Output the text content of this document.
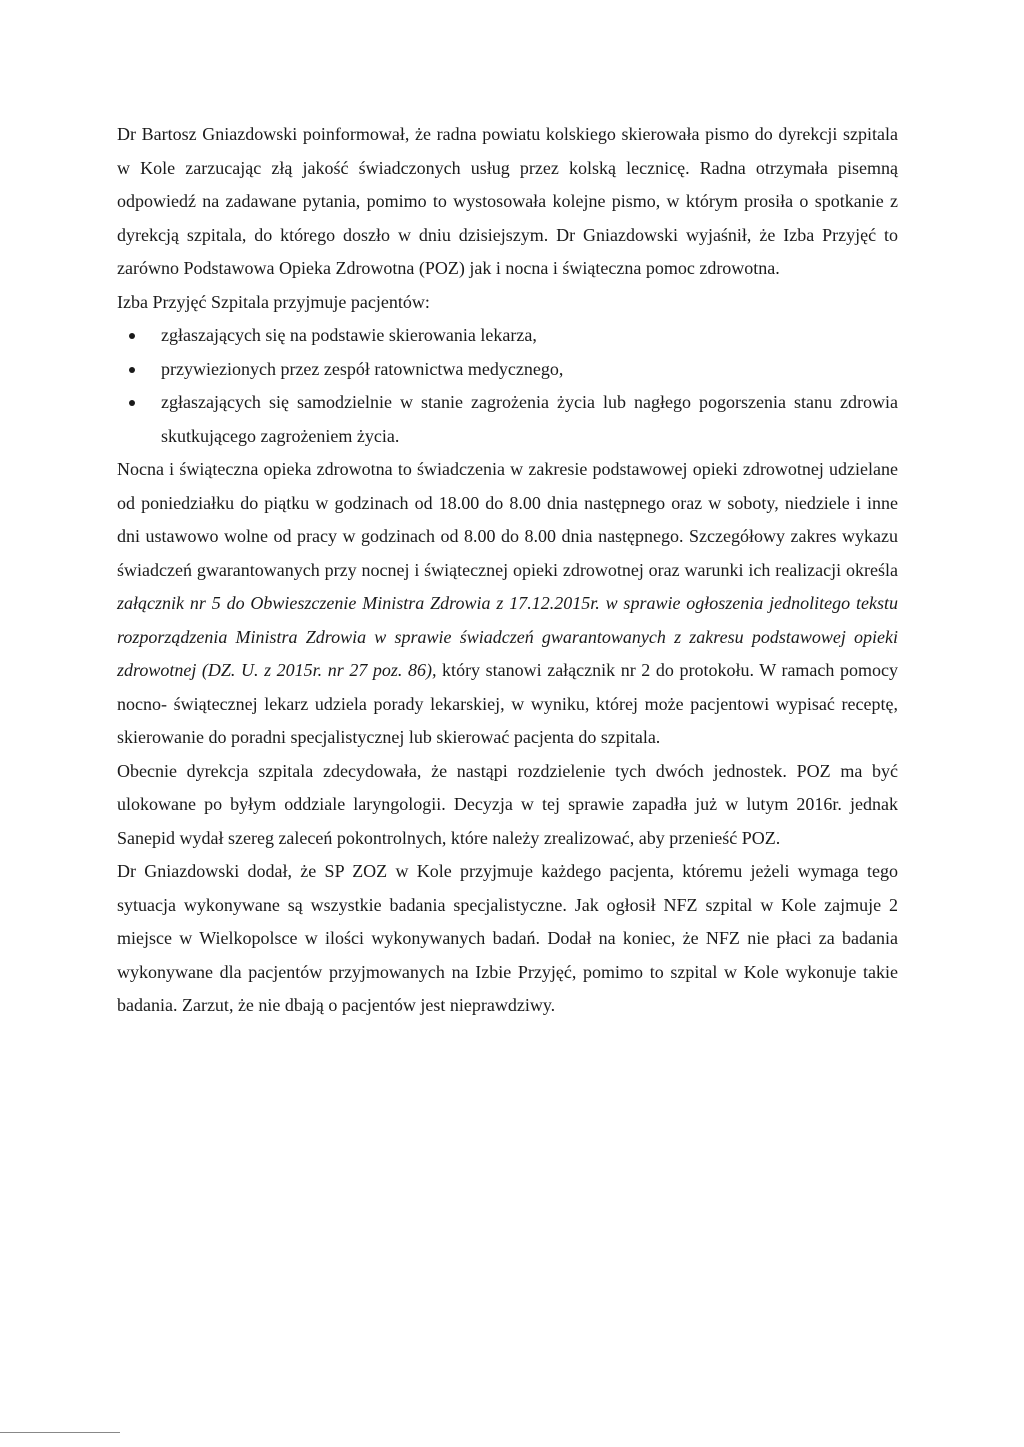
Dr Bartosz Gniazdowski poinformował, że radna powiatu kolskiego skierowała pismo do dyrekcji szpitala w Kole zarzucając złą jakość świadczonych usług przez kolską lecznicę. Radna otrzymała pisemną odpowiedź na zadawane pytania, pomimo to wystosowała kolejne pismo, w którym prosiła o spotkanie z dyrekcją szpitala, do którego doszło w dniu dzisiejszym. Dr Gniazdowski wyjaśnił, że Izba Przyjęć to zarówno Podstawowa Opieka Zdrowotna (POZ) jak i nocna i świąteczna pomoc zdrowotna.

Izba Przyjęć Szpitala przyjmuje pacjentów:

zgłaszających się na podstawie skierowania lekarza,
przywiezionych przez zespół ratownictwa medycznego,
zgłaszających się samodzielnie w stanie zagrożenia życia lub nagłego pogorszenia stanu zdrowia skutkującego zagrożeniem życia.

Nocna i świąteczna opieka zdrowotna to świadczenia w zakresie podstawowej opieki zdrowotnej udzielane od poniedziałku do piątku w godzinach od 18.00 do 8.00 dnia następnego oraz w soboty, niedziele i inne dni ustawowo wolne od pracy w godzinach od 8.00 do 8.00 dnia następnego. Szczegółowy zakres wykazu świadczeń gwarantowanych przy nocnej i świątecznej opieki zdrowotnej oraz warunki ich realizacji określa załącznik nr 5 do Obwieszczenie Ministra Zdrowia z 17.12.2015r. w sprawie ogłoszenia jednolitego tekstu rozporządzenia Ministra Zdrowia w sprawie świadczeń gwarantowanych z zakresu podstawowej opieki zdrowotnej (DZ. U. z 2015r. nr 27 poz. 86), który stanowi załącznik nr 2 do protokołu. W ramach pomocy nocno- świątecznej lekarz udziela porady lekarskiej, w wyniku, której może pacjentowi wypisać receptę, skierowanie do poradni specjalistycznej lub skierować pacjenta do szpitala.

Obecnie dyrekcja szpitala zdecydowała, że nastąpi rozdzielenie tych dwóch jednostek. POZ ma być ulokowane po byłym oddziale laryngologii. Decyzja w tej sprawie zapadła już w lutym 2016r. jednak Sanepid wydał szereg zaleceń pokontrolnych, które należy zrealizować, aby przenieść POZ.

Dr Gniazdowski dodał, że SP ZOZ w Kole przyjmuje każdego pacjenta, któremu jeżeli wymaga tego sytuacja wykonywane są wszystkie badania specjalistyczne. Jak ogłosił NFZ szpital w Kole zajmuje 2 miejsce w Wielkopolsce w ilości wykonywanych badań. Dodał na koniec, że NFZ nie płaci za badania wykonywane dla pacjentów przyjmowanych na Izbie Przyjęć, pomimo to szpital w Kole wykonuje takie badania. Zarzut, że nie dbają o pacjentów jest nieprawdziwy.
